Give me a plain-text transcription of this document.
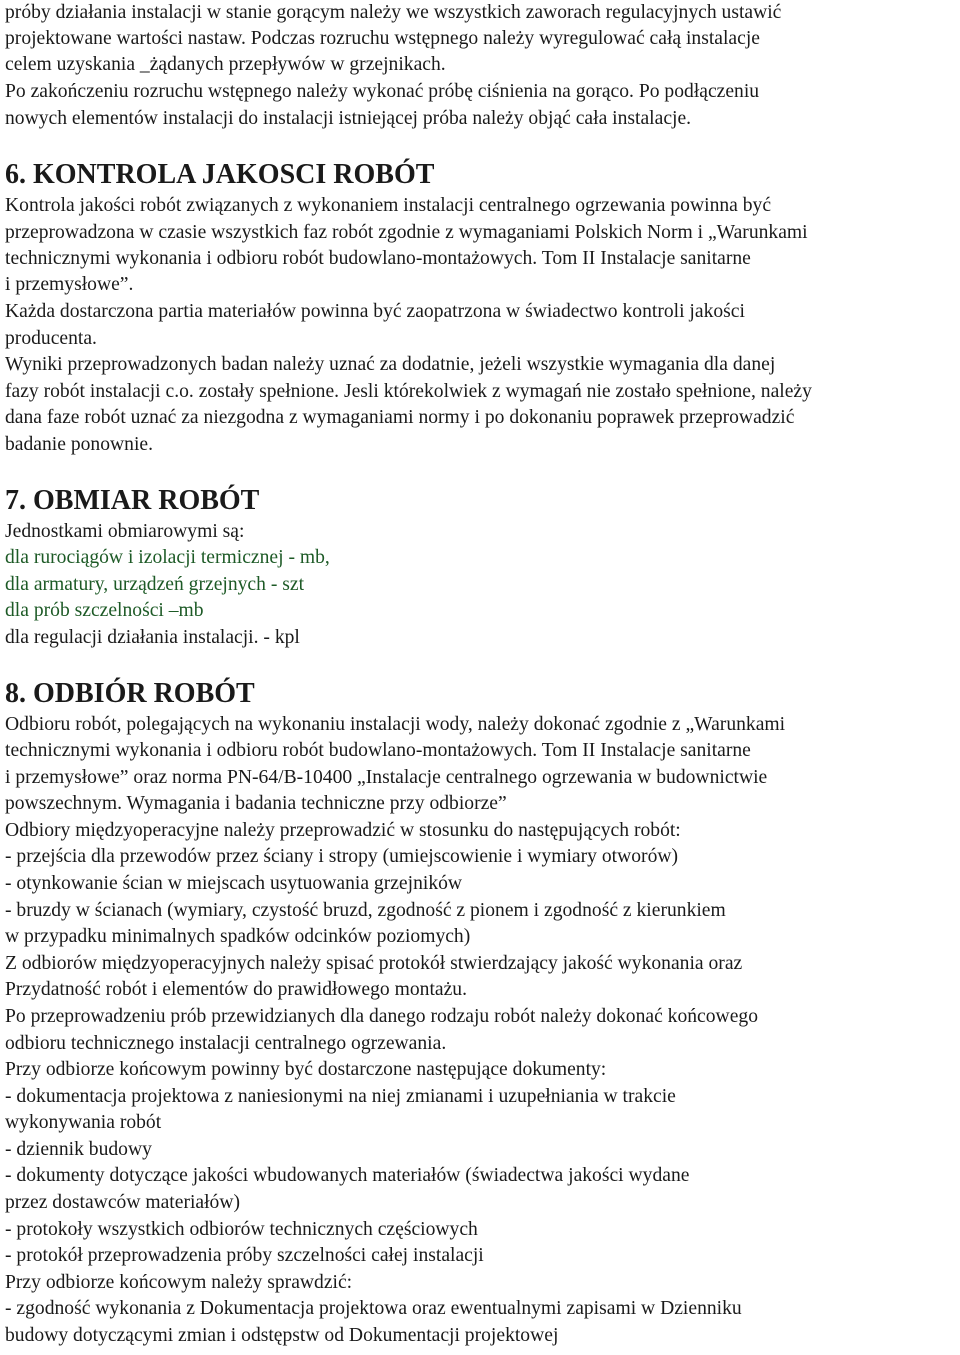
próby działania instalacji w stanie gorącym należy we wszystkich zaworach regulacyjnych ustawić
projektowane wartości nastaw. Podczas rozruchu wstępnego należy wyregulować całą instalacje
celem uzyskania _żądanych przepływów w grzejnikach.
Po zakończeniu rozruchu wstępnego należy wykonać próbę ciśnienia na gorąco. Po podłączeniu
nowych elementów instalacji do instalacji istniejącej próba należy objąć cała instalacje.
6. KONTROLA JAKOSCI ROBÓT
Kontrola jakości robót związanych z wykonaniem instalacji centralnego ogrzewania powinna być
przeprowadzona w czasie wszystkich faz robót zgodnie z wymaganiami Polskich Norm i „Warunkami
technicznymi wykonania i odbioru robót budowlano-montażowych. Tom II Instalacje sanitarne
i przemysłowe”.
Każda dostarczona partia materiałów powinna być zaopatrzona w świadectwo kontroli jakości
producenta.
Wyniki przeprowadzonych badan należy uznać za dodatnie, jeżeli wszystkie wymagania dla danej
fazy robót instalacji c.o. zostały spełnione. Jesli którekolwiek z wymagań nie zostało spełnione, należy
dana faze robót uznać za niezgodna z wymaganiami normy i po dokonaniu poprawek przeprowadzić
badanie ponownie.
7. OBMIAR ROBÓT
Jednostkami obmiarowymi są:
dla rurociągów i izolacji termicznej - mb,
dla armatury, urządzeń grzejnych - szt
dla prób szczelności –mb
dla regulacji działania instalacji. - kpl
8. ODBIÓR ROBÓT
Odbioru robót, polegających na wykonaniu instalacji wody, należy dokonać zgodnie z „Warunkami
technicznymi wykonania i odbioru robót budowlano-montażowych. Tom II Instalacje sanitarne
i przemysłowe” oraz norma PN-64/B-10400 „Instalacje centralnego ogrzewania w budownictwie
powszechnym. Wymagania i badania techniczne przy odbiorze”
Odbiory międzyoperacyjne należy przeprowadzić w stosunku do następujących robót:
- przejścia dla przewodów przez ściany i stropy (umiejscowienie i wymiary otworów)
- otynkowanie ścian w miejscach usytuowania grzejników
- bruzdy w ścianach (wymiary, czystość bruzd, zgodność z pionem i zgodność z kierunkiem
w przypadku minimalnych spadków odcinków poziomych)
Z odbiorów międzyoperacyjnych należy spisać protokół stwierdzający jakość wykonania oraz
Przydatność robót i elementów do prawidłowego montażu.
Po przeprowadzeniu prób przewidzianych dla danego rodzaju robót należy dokonać końcowego
odbioru technicznego instalacji centralnego ogrzewania.
Przy odbiorze końcowym powinny być dostarczone następujące dokumenty:
- dokumentacja projektowa z naniesionymi na niej zmianami i uzupełniania w trakcie
wykonywania robót
- dziennik budowy
- dokumenty dotyczące jakości wbudowanych materiałów (świadectwa jakości wydane
przez dostawców materiałów)
- protokoły wszystkich odbiorów technicznych częściowych
- protokół przeprowadzenia próby szczelności całej instalacji
Przy odbiorze końcowym należy sprawdzić:
- zgodność wykonania z Dokumentacja projektowa oraz ewentualnymi zapisami w Dzienniku
budowy dotyczącymi zmian i odstępstw od Dokumentacji projektowej
